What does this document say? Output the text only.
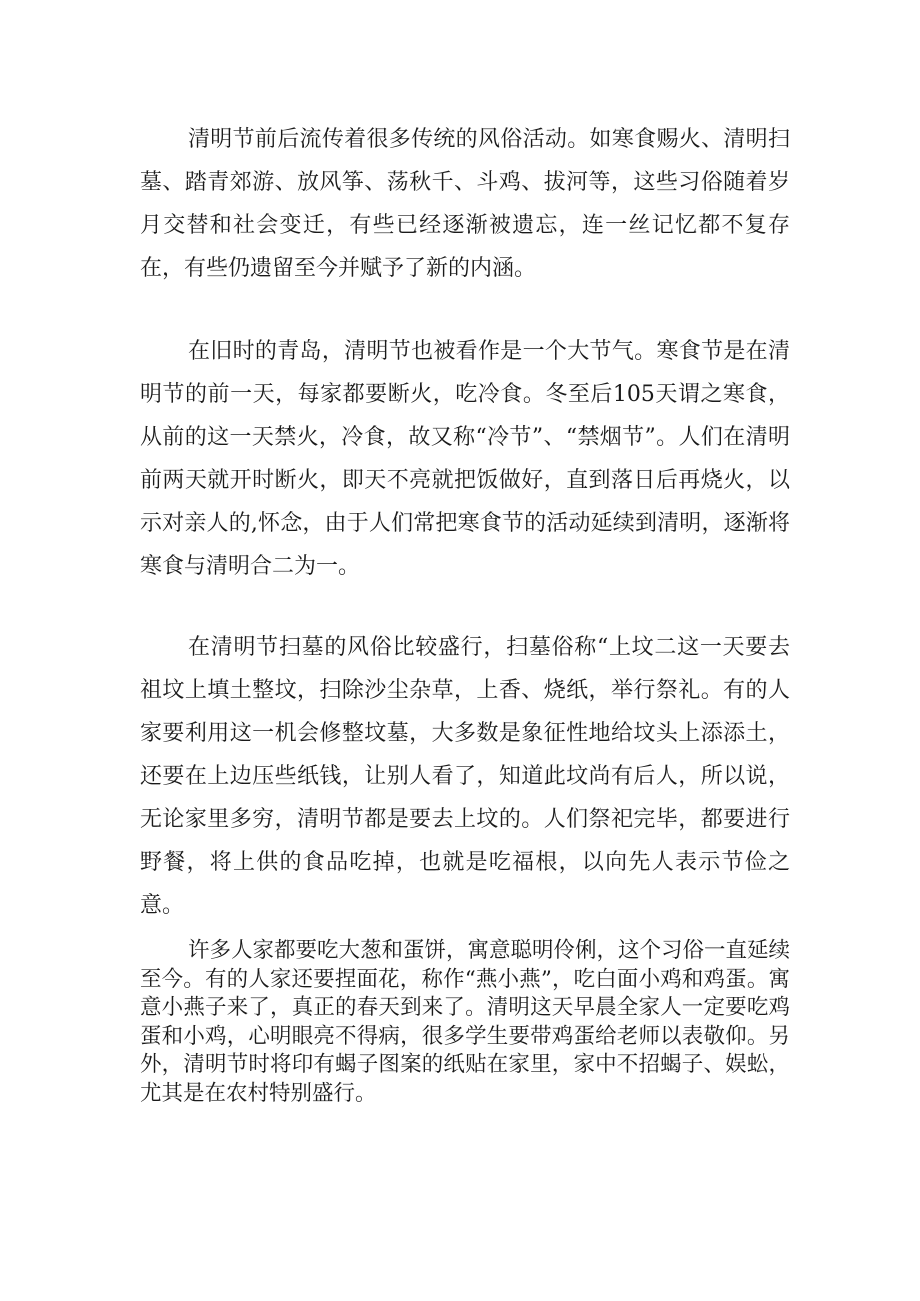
清明节前后流传着很多传统的风俗活动。如寒食赐火、清明扫墓、踏青郊游、放风筝、荡秋千、斗鸡、拔河等，这些习俗随着岁月交替和社会变迁，有些已经逐渐被遗忘，连一丝记忆都不复存在，有些仍遗留至今并赋予了新的内涵。

在旧时的青岛，清明节也被看作是一个大节气。寒食节是在清明节的前一天，每家都要断火，吃冷食。冬至后105天谓之寒食，从前的这一天禁火，冷食，故又称“冷节”、“禁烟节”。人们在清明前两天就开时断火，即天不亮就把饭做好，直到落日后再烧火，以示对亲人的,怀念，由于人们常把寒食节的活动延续到清明，逐渐将寒食与清明合二为一。

在清明节扫墓的风俗比较盛行，扫墓俗称“上坟二这一天要去祖坟上填土整坟，扫除沙尘杂草，上香、烧纸，举行祭礼。有的人家要利用这一机会修整坟墓，大多数是象征性地给坟头上添添土，还要在上边压些纸钱，让别人看了，知道此坟尚有后人，所以说，无论家里多穷，清明节都是要去上坟的。人们祭祀完毕，都要进行野餐，将上供的食品吃掉，也就是吃福根，以向先人表示节俭之意。

许多人家都要吃大葱和蛋饼，寓意聪明伶俐，这个习俗一直延续至今。有的人家还要捏面花，称作“燕小燕”，吃白面小鸡和鸡蛋。寓意小燕子来了，真正的春天到来了。清明这天早晨全家人一定要吃鸡蛋和小鸡，心明眼亮不得病，很多学生要带鸡蛋给老师以表敬仰。另外，清明节时将印有蝎子图案的纸贴在家里，家中不招蝎子、娱蚣，尤其是在农村特别盛行。
